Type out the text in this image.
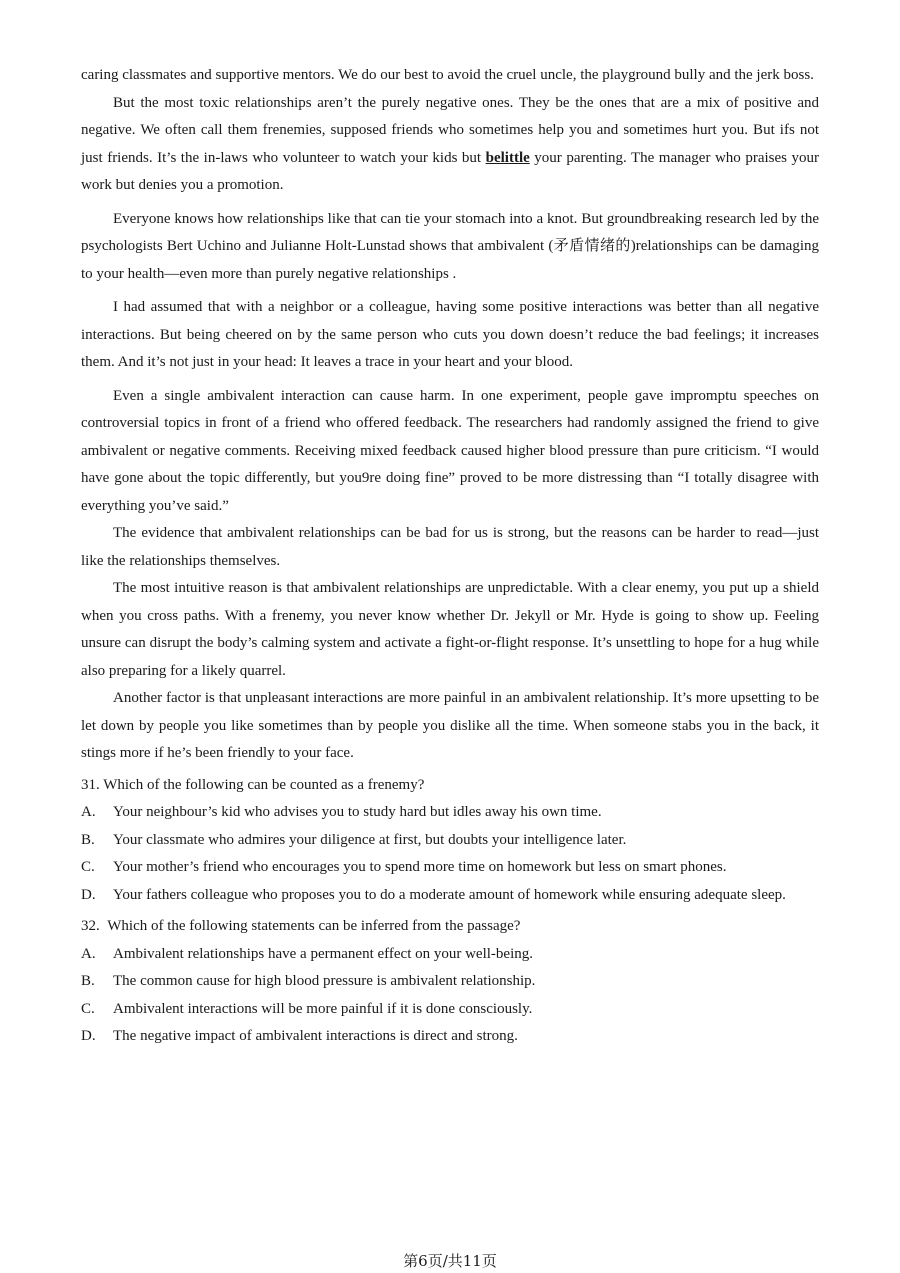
caring classmates and supportive mentors. We do our best to avoid the cruel uncle, the playground bully and the jerk boss.

But the most toxic relationships aren’t the purely negative ones. They be the ones that are a mix of positive and negative. We often call them frenemies, supposed friends who sometimes help you and sometimes hurt you. But ifs not just friends. It’s the in-laws who volunteer to watch your kids but belittle your parenting. The manager who praises your work but denies you a promotion.

Everyone knows how relationships like that can tie your stomach into a knot. But groundbreaking research led by the psychologists Bert Uchino and Julianne Holt-Lunstad shows that ambivalent (矛盾情绪的)relationships can be damaging to your health—even more than purely negative relationships .

I had assumed that with a neighbor or a colleague, having some positive interactions was better than all negative interactions. But being cheered on by the same person who cuts you down doesn’t reduce the bad feelings; it increases them. And it’s not just in your head: It leaves a trace in your heart and your blood.

Even a single ambivalent interaction can cause harm. In one experiment, people gave impromptu speeches on controversial topics in front of a friend who offered feedback. The researchers had randomly assigned the friend to give ambivalent or negative comments. Receiving mixed feedback caused higher blood pressure than pure criticism. “I would have gone about the topic differently, but you9re doing fine” proved to be more distressing than “I totally disagree with everything you’ve said.”

The evidence that ambivalent relationships can be bad for us is strong, but the reasons can be harder to read—just like the relationships themselves.

The most intuitive reason is that ambivalent relationships are unpredictable. With a clear enemy, you put up a shield when you cross paths. With a frenemy, you never know whether Dr. Jekyll or Mr. Hyde is going to show up. Feeling unsure can disrupt the body’s calming system and activate a fight-or-flight response. It’s unsettling to hope for a hug while also preparing for a likely quarrel.

Another factor is that unpleasant interactions are more painful in an ambivalent relationship. It’s more upsetting to be let down by people you like sometimes than by people you dislike all the time. When someone stabs you in the back, it stings more if he’s been friendly to your face.

31. Which of the following can be counted as a frenemy?

A.	Your neighbour’s kid who advises you to study hard but idles away his own time.
B.	Your classmate who admires your diligence at first, but doubts your intelligence later.
C.	Your mother’s friend who encourages you to spend more time on homework but less on smart phones.
D.	Your fathers colleague who proposes you to do a moderate amount of homework while ensuring adequate sleep.

32.  Which of the following statements can be inferred from the passage?

A.	Ambivalent relationships have a permanent effect on your well-being.
B.	The common cause for high blood pressure is ambivalent relationship.
C.	Ambivalent interactions will be more painful if it is done consciously.
D.	The negative impact of ambivalent interactions is direct and strong.
第6页/共11页
